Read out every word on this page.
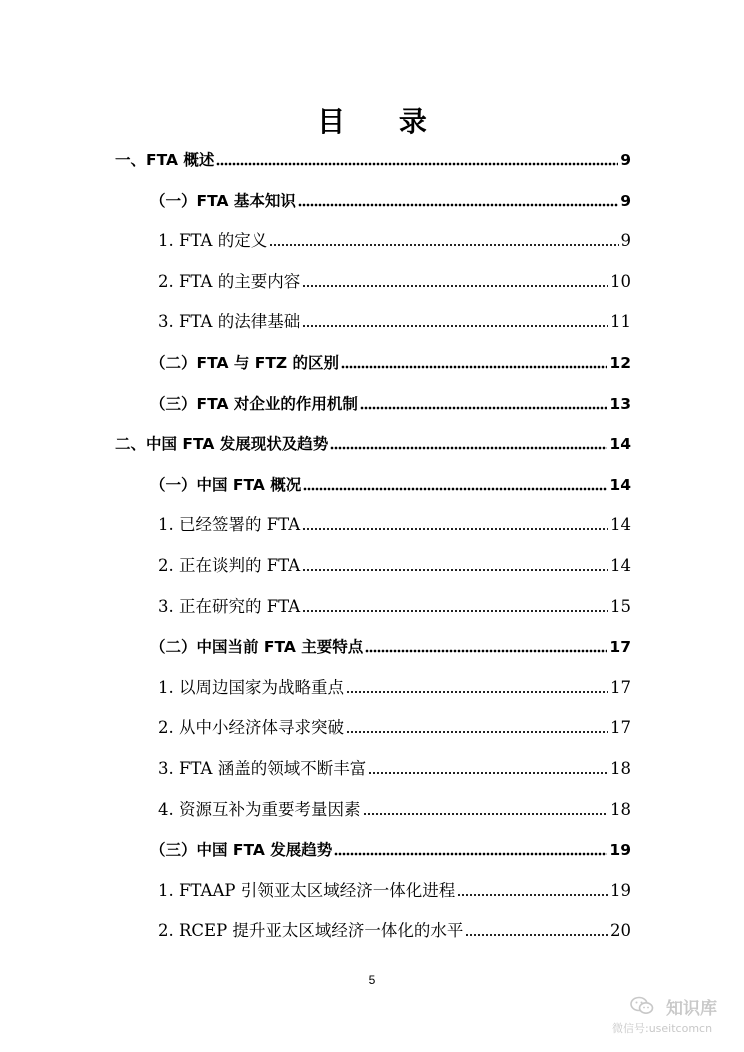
目 录
一、FTA 概述	9
（一）FTA 基本知识	9
1. FTA 的定义	9
2. FTA 的主要内容	10
3. FTA 的法律基础	11
（二）FTA 与 FTZ 的区别	12
（三）FTA 对企业的作用机制	13
二、中国 FTA 发展现状及趋势	14
（一）中国 FTA 概况	14
1. 已经签署的 FTA	14
2. 正在谈判的 FTA	14
3. 正在研究的 FTA	15
（二）中国当前 FTA 主要特点	17
1. 以周边国家为战略重点	17
2. 从中小经济体寻求突破	17
3. FTA 涵盖的领域不断丰富	18
4. 资源互补为重要考量因素	18
（三）中国 FTA 发展趋势	19
1. FTAAP 引领亚太区域经济一体化进程	19
2. RCEP 提升亚太区域经济一体化的水平	20
5
知识库
微信号:useitcomcn
